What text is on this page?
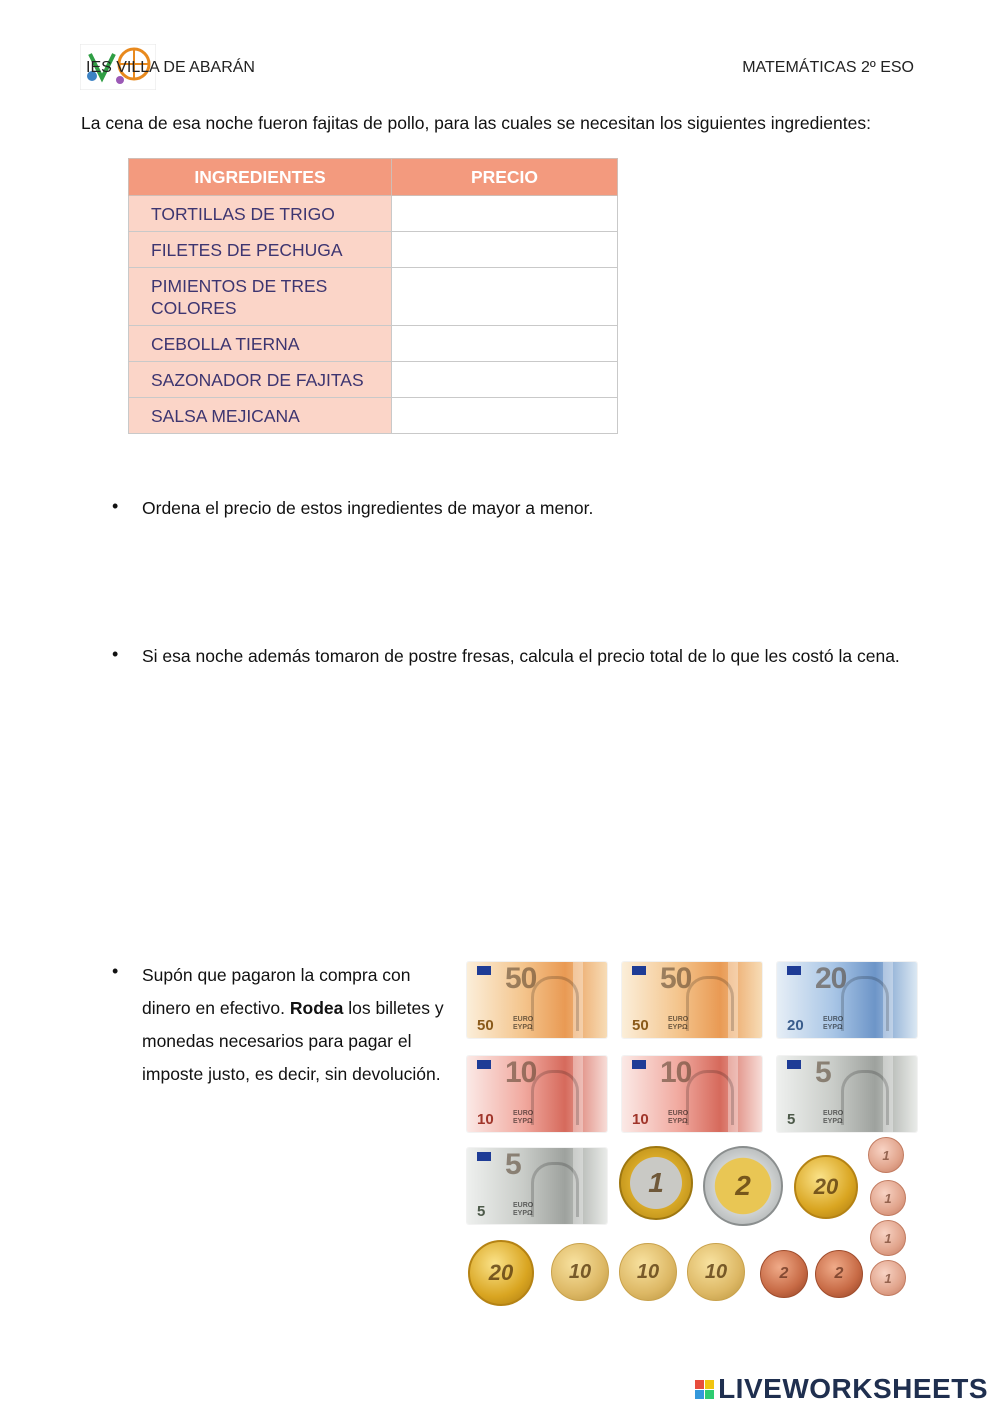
IES VILLA DE ABARÁN	MATEMÁTICAS 2º ESO
La cena de esa noche fueron fajitas de pollo, para las cuales se necesitan los siguientes ingredientes:
INGREDIENTES	PRECIO
TORTILLAS DE TRIGO	
FILETES DE PECHUGA	
PIMIENTOS DE TRES COLORES	
CEBOLLA TIERNA	
SAZONADOR DE FAJITAS	
SALSA MEJICANA	
• Ordena el precio de estos ingredientes de mayor a menor.
• Si esa noche además tomaron de postre fresas, calcula el precio total de lo que les costó la cena.
• Supón que pagaron la compra con dinero en efectivo. Rodea los billetes y monedas necesarios para pagar el imposte justo, es decir, sin devolución.
50
50	EURO
EYPΩ
50
50	EURO
EYPΩ
20
20	EURO
EYPΩ
10
10	EURO
EYPΩ
10
10	EURO
EYPΩ
5
5	EURO
EYPΩ
5
5	EURO
EYPΩ
1	2	20
20	10	10	10	2	2
1
1
1
1
LIVEWORKSHEETS
